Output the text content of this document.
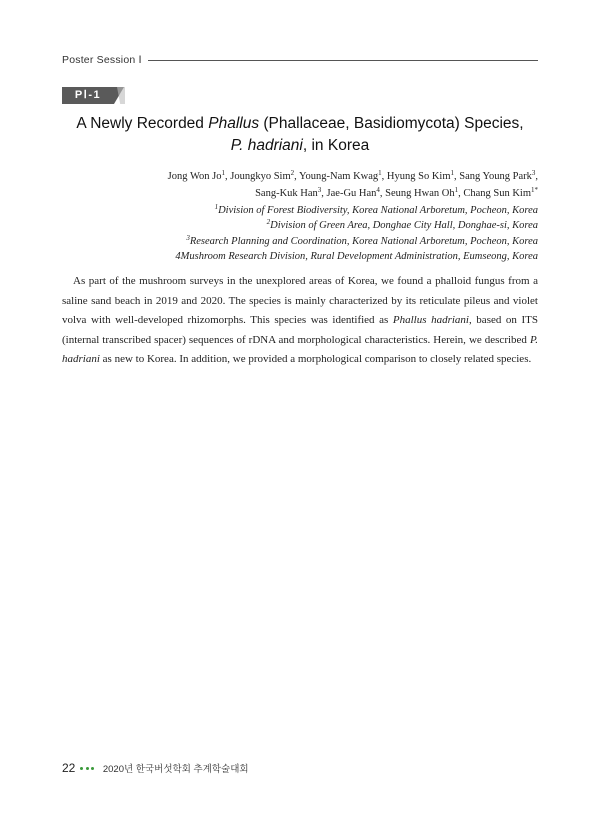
Poster Session Ⅰ
PⅠ-1
A Newly Recorded Phallus (Phallaceae, Basidiomycota) Species,
P. hadriani, in Korea
Jong Won Jo$^1$, Joungkyo Sim$^2$, Young-Nam Kwag$^1$, Hyung So Kim$^1$, Sang Young Park$^3$,
Sang-Kuk Han$^3$, Jae-Gu Han$^4$, Seung Hwan Oh$^1$, Chang Sun Kim$^{1*}$
$^1$Division of Forest Biodiversity, Korea National Arboretum, Pocheon, Korea
$^2$Division of Green Area, Donghae City Hall, Donghae-si, Korea
$^3$Research Planning and Coordination, Korea National Arboretum, Pocheon, Korea
4Mushroom Research Division, Rural Development Administration, Eumseong, Korea
As part of the mushroom surveys in the unexplored areas of Korea, we found a phalloid fungus from a saline sand beach in 2019 and 2020. The species is mainly characterized by its reticulate pileus and violet volva with well-developed rhizomorphs. This species was identified as Phallus hadriani, based on ITS (internal transcribed spacer) sequences of rDNA and morphological characteristics. Herein, we described P. hadriani as new to Korea. In addition, we provided a morphological comparison to closely related species.
22	2020년 한국버섯학회 추계학술대회
